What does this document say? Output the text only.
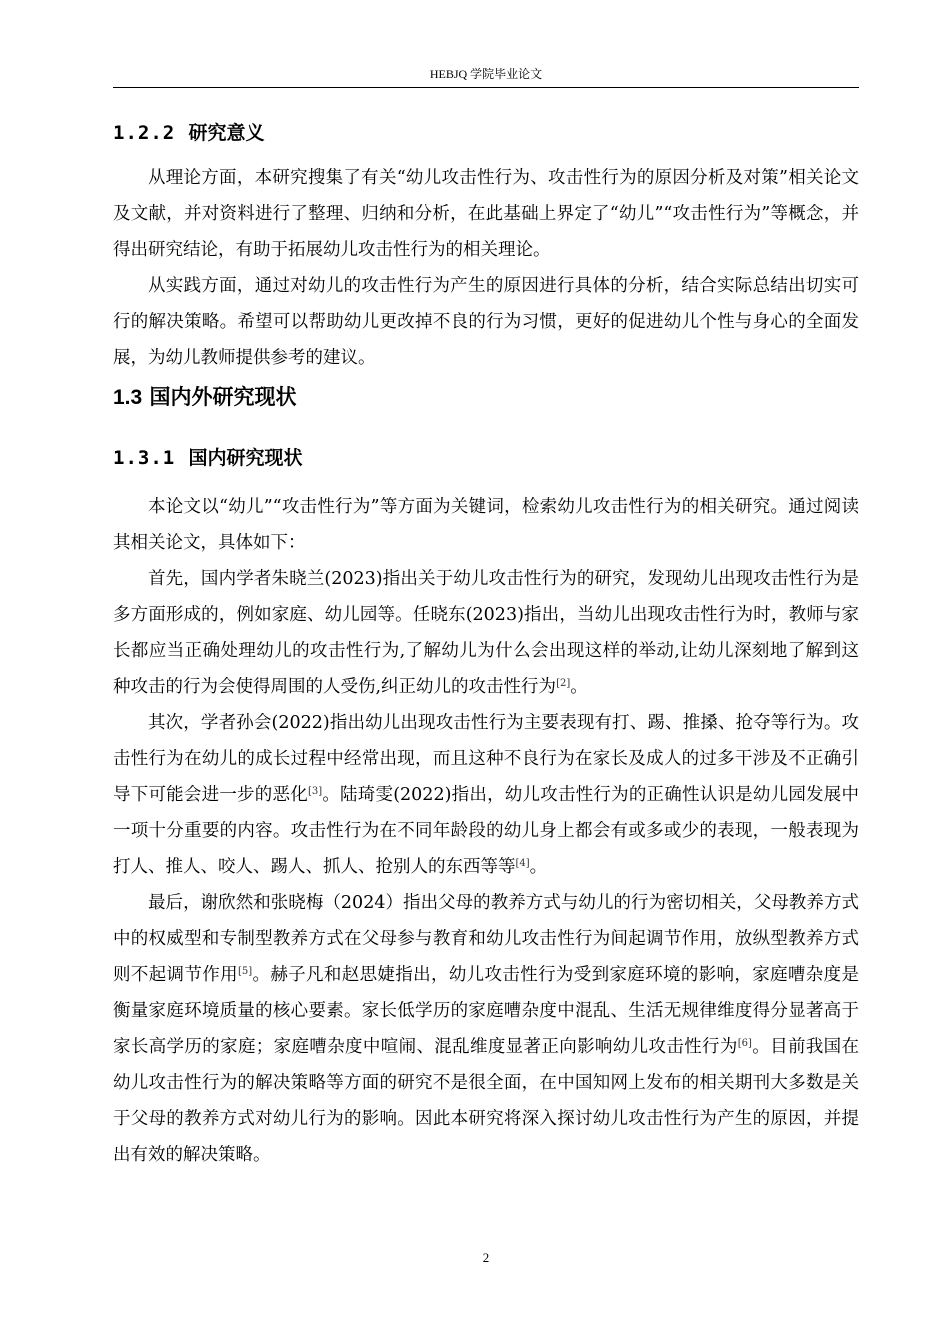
HEBJQ 学院毕业论文
1.2.2 研究意义

从理论方面，本研究搜集了有关“幼儿攻击性行为、攻击性行为的原因分析及对策”相关论文及文献，并对资料进行了整理、归纳和分析，在此基础上界定了“幼儿”“攻击性行为”等概念，并得出研究结论，有助于拓展幼儿攻击性行为的相关理论。

从实践方面，通过对幼儿的攻击性行为产生的原因进行具体的分析，结合实际总结出切实可行的解决策略。希望可以帮助幼儿更改掉不良的行为习惯，更好的促进幼儿个性与身心的全面发展，为幼儿教师提供参考的建议。

1.3 国内外研究现状
1.3.1 国内研究现状

本论文以“幼儿”“攻击性行为”等方面为关键词，检索幼儿攻击性行为的相关研究。通过阅读其相关论文，具体如下：

首先，国内学者朱晓兰(2023)指出关于幼儿攻击性行为的研究，发现幼儿出现攻击性行为是多方面形成的，例如家庭、幼儿园等。任晓东(2023)指出，当幼儿出现攻击性行为时，教师与家长都应当正确处理幼儿的攻击性行为,了解幼儿为什么会出现这样的举动,让幼儿深刻地了解到这种攻击的行为会使得周围的人受伤,纠正幼儿的攻击性行为[2]。

其次，学者孙会(2022)指出幼儿出现攻击性行为主要表现有打、踢、推搡、抢夺等行为。攻击性行为在幼儿的成长过程中经常出现，而且这种不良行为在家长及成人的过多干涉及不正确引导下可能会进一步的恶化[3]。陆琦雯(2022)指出，幼儿攻击性行为的正确性认识是幼儿园发展中一项十分重要的内容。攻击性行为在不同年龄段的幼儿身上都会有或多或少的表现，一般表现为打人、推人、咬人、踢人、抓人、抢别人的东西等等[4]。

最后，谢欣然和张晓梅（2024）指出父母的教养方式与幼儿的行为密切相关，父母教养方式中的权威型和专制型教养方式在父母参与教育和幼儿攻击性行为间起调节作用，放纵型教养方式则不起调节作用[5]。赫子凡和赵思婕指出，幼儿攻击性行为受到家庭环境的影响，家庭嘈杂度是衡量家庭环境质量的核心要素。家长低学历的家庭嘈杂度中混乱、生活无规律维度得分显著高于家长高学历的家庭；家庭嘈杂度中喧闹、混乱维度显著正向影响幼儿攻击性行为[6]。目前我国在幼儿攻击性行为的解决策略等方面的研究不是很全面，在中国知网上发布的相关期刊大多数是关于父母的教养方式对幼儿行为的影响。因此本研究将深入探讨幼儿攻击性行为产生的原因，并提出有效的解决策略。

2
